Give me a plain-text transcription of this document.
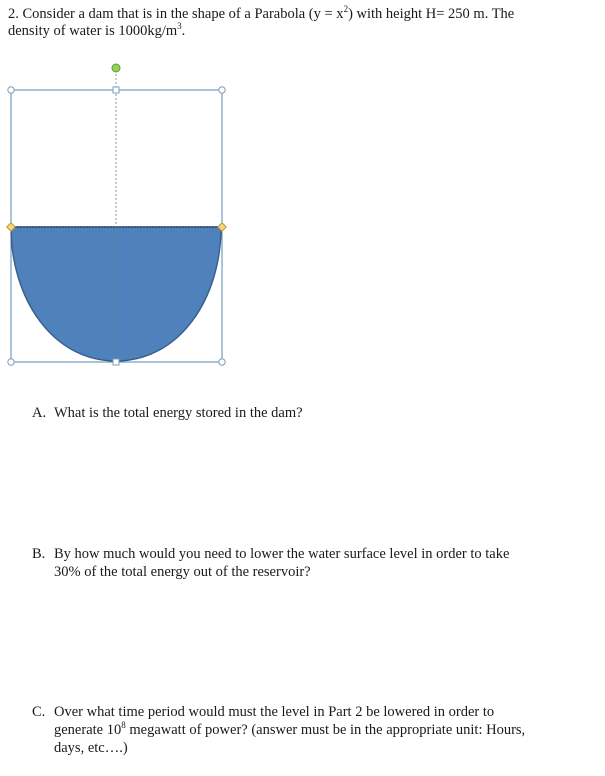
2. Consider a dam that is in the shape of a Parabola $(y = x^2)$ with height H= 250 m. The
density of water is $1000kg/m^3$.
A. What is the total energy stored in the dam?
B. By how much would you need to lower the water surface level in order to take
30% of the total energy out of the reservoir?
C. Over what time period would must the level in Part 2 be lowered in order to
generate $10^8$ megawatt of power? (answer must be in the appropriate unit: Hours,
days, etc….)
